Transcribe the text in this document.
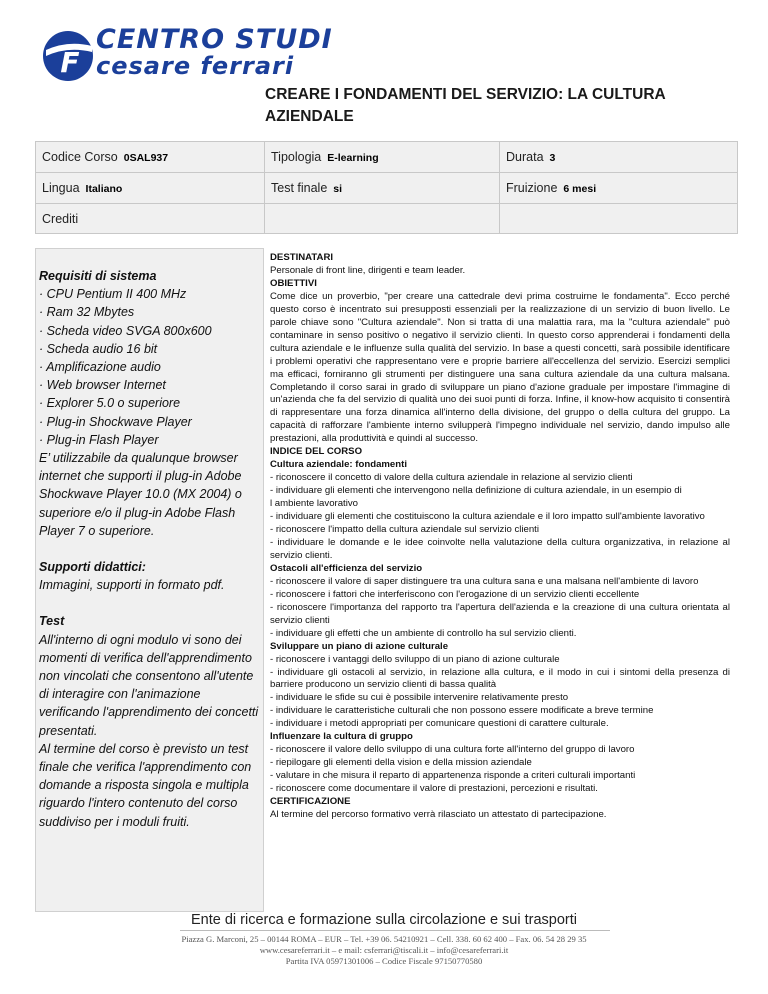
F
CENTRO STUDI
cesare ferrari
CREARE I FONDAMENTI DEL SERVIZIO: LA CULTURA AZIENDALE
Codice Corso 0SAL937	Tipologia E-learning	Durata 3
Lingua Italiano	Test finale si	Fruizione 6 mesi
Crediti		
Requisiti di sistema
· CPU Pentium II 400 MHz
· Ram 32 Mbytes
· Scheda video SVGA 800x600
· Scheda audio 16 bit
· Amplificazione audio
· Web browser Internet
· Explorer 5.0 o superiore
· Plug-in Shockwave Player
· Plug-in Flash Player
E’ utilizzabile da qualunque browser internet che supporti il plug-in Adobe Shockwave Player 10.0 (MX 2004) o superiore e/o il plug-in Adobe Flash Player 7 o superiore.
Supporti didattici:
Immagini, supporti in formato pdf.
Test
All'interno di ogni modulo vi sono dei momenti di verifica dell'apprendimento non vincolati che consentono all'utente di interagire con l'animazione verificando l'apprendimento dei concetti presentati.
Al termine del corso è previsto un test finale che verifica l'apprendimento con domande a risposta singola e multipla riguardo l'intero contenuto del corso suddiviso per i moduli fruiti.

DESTINATARI

Personale di front line, dirigenti e team leader.

OBIETTIVI

Come dice un proverbio, "per creare una cattedrale devi prima costruirne le fondamenta". Ecco perché questo corso è incentrato sui presupposti essenziali per la realizzazione di un servizio di buon livello. Le parole chiave sono "Cultura aziendale". Non si tratta di una malattia rara, ma la "cultura aziendale" può contaminare in senso positivo o negativo il servizio clienti. In questo corso apprenderai i fondamenti della cultura aziendale e le influenze sulla qualità del servizio. In base a questi concetti, sarà possibile identificare i problemi operativi che rappresentano vere e proprie barriere all'eccellenza del servizio. Esercizi semplici ma efficaci, forniranno gli strumenti per distinguere una sana cultura aziendale da una cultura malsana. Completando il corso sarai in grado di sviluppare un piano d'azione graduale per impostare l'immagine di un'azienda che fa del servizio di qualità uno dei suoi punti di forza. Infine, il know-how acquisito ti consentirà di rappresentare una forza dinamica all'interno della divisione, del gruppo o della cultura del gruppo. La capacità di rafforzare l'ambiente interno svilupperà l'impegno individuale nel servizio, dando impulso alle prestazioni, alla produttività e quindi al successo.

INDICE DEL CORSO

Cultura aziendale: fondamenti

- riconoscere il concetto di valore della cultura aziendale in relazione al servizio clienti

- individuare gli elementi che intervengono nella definizione di cultura aziendale, in un esempio di

l ambiente lavorativo

- individuare gli elementi che costituiscono la cultura aziendale e il loro impatto sull'ambiente lavorativo

- riconoscere l'impatto della cultura aziendale sul servizio clienti

- individuare le domande e le idee coinvolte nella valutazione della cultura organizzativa, in relazione al servizio clienti.

Ostacoli all'efficienza del servizio

- riconoscere il valore di saper distinguere tra una cultura sana e una malsana nell'ambiente di lavoro

- riconoscere i fattori che interferiscono con l'erogazione di un servizio clienti eccellente

- riconoscere l'importanza del rapporto tra l'apertura dell'azienda e la creazione di una cultura orientata al servizio clienti

- individuare gli effetti che un ambiente di controllo ha sul servizio clienti.

Sviluppare un piano di azione culturale

- riconoscere i vantaggi dello sviluppo di un piano di azione culturale

- individuare gli ostacoli al servizio, in relazione alla cultura, e il modo in cui i sintomi della presenza di barriere producono un servizio clienti di bassa qualità

- individuare le sfide su cui è possibile intervenire relativamente presto

- individuare le caratteristiche culturali che non possono essere modificate a breve termine

- individuare i metodi appropriati per comunicare questioni di carattere culturale.

Influenzare la cultura di gruppo

- riconoscere il valore dello sviluppo di una cultura forte all'interno del gruppo di lavoro

- riepilogare gli elementi della vision e della mission aziendale

- valutare in che misura il reparto di appartenenza risponde a criteri culturali importanti

- riconoscere come documentare il valore di prestazioni, percezioni e risultati.

CERTIFICAZIONE

Al termine del percorso formativo verrà rilasciato un attestato di partecipazione.

Ente di ricerca e formazione sulla circolazione e sui trasporti
Piazza G. Marconi, 25 – 00144 ROMA – EUR – Tel. +39 06. 54210921 – Cell. 338. 60 62 400 – Fax. 06. 54 28 29 35
www.cesareferrari.it – e mail: csferrari@tiscali.it – info@cesareferrari.it
Partita IVA 05971301006 – Codice Fiscale 97150770580
